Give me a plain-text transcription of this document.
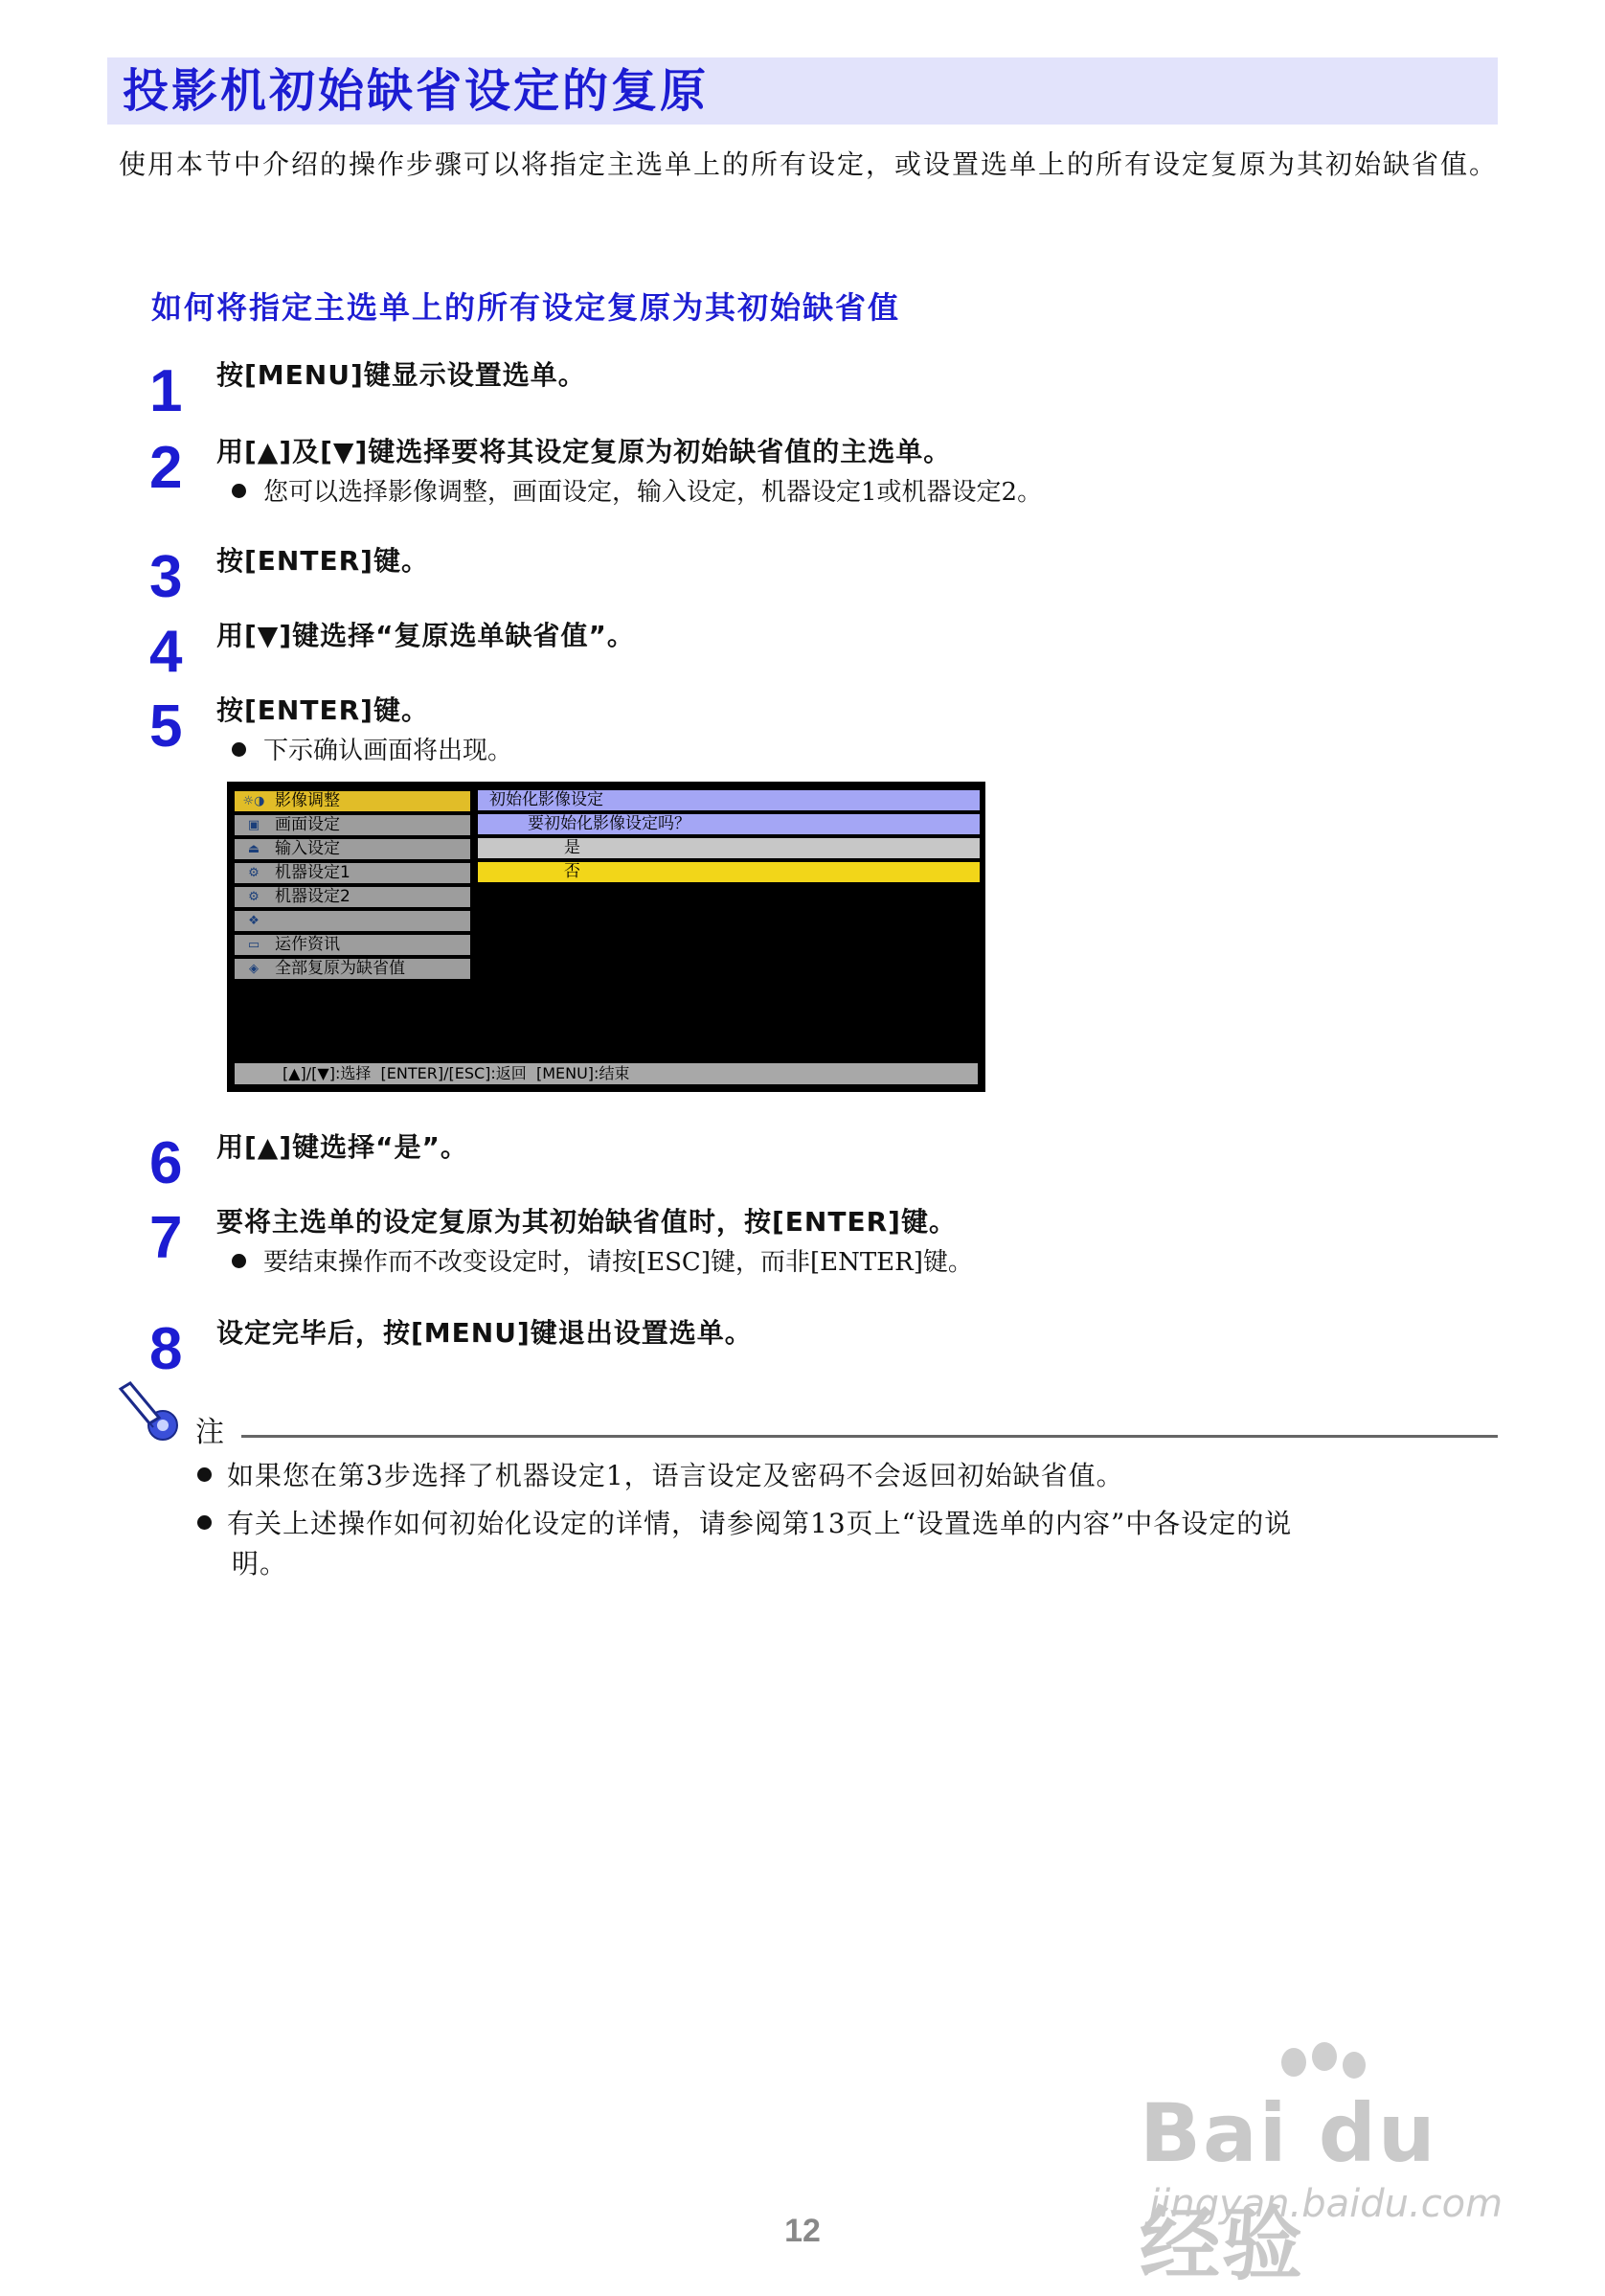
投影机初始缺省设定的复原
使用本节中介绍的操作步骤可以将指定主选单上的所有设定，或设置选单上的所有设定复原为其初始缺省值。
如何将指定主选单上的所有设定复原为其初始缺省值
1 按[MENU]键显示设置选单。
2 用[▲]及[▼]键选择要将其设定复原为初始缺省值的主选单。
您可以选择影像调整，画面设定，输入设定，机器设定1或机器设定2。
3 按[ENTER]键。
4 用[▼]键选择“复原选单缺省值”。
5 按[ENTER]键。
下示确认画面将出现。
☼◑ 影像调整
▣ 画面设定
⏏ 输入设定
⚙ 机器设定1
⚙ 机器设定2
❖
▭ 运作资讯
◈	全部复原为缺省值
初始化影像设定
要初始化影像设定吗？
是
否
[▲]/[▼]:选择  [ENTER]/[ESC]:返回  [MENU]:结束
6 用[▲]键选择“是”。
7 要将主选单的设定复原为其初始缺省值时，按[ENTER]键。
要结束操作而不改变设定时，请按[ESC]键，而非[ENTER]键。
8 设定完毕后，按[MENU]键退出设置选单。
注
如果您在第3步选择了机器设定1，语言设定及密码不会返回初始缺省值。
有关上述操作如何初始化设定的详情，请参阅第13页上“设置选单的内容”中各设定的说
明。
Bai du 经验
jingyan.baidu.com
12
